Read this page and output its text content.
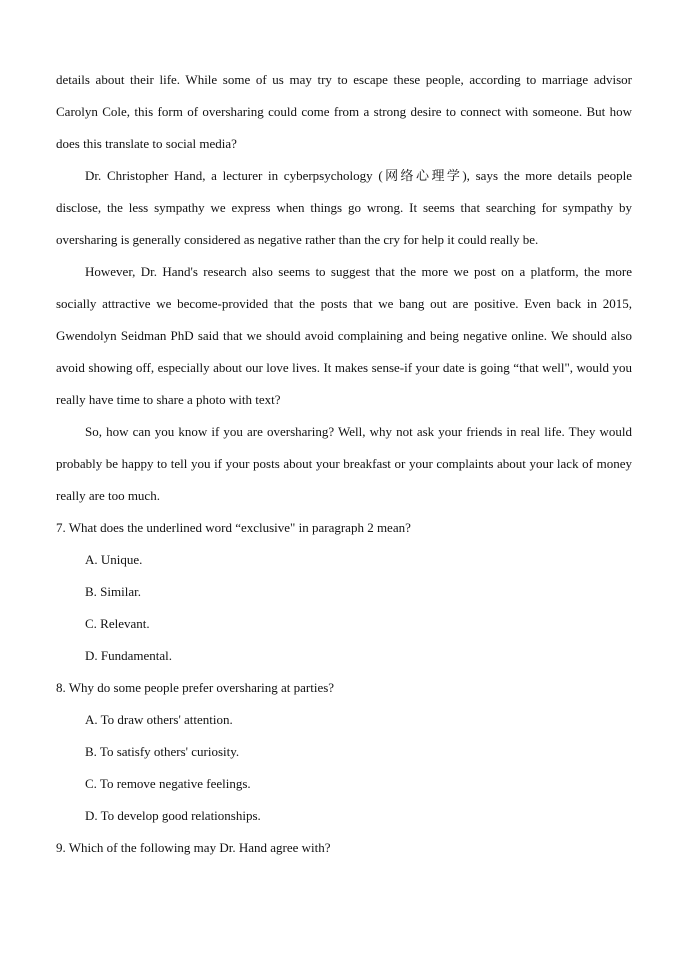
details about their life. While some of us may try to escape these people, according to marriage advisor Carolyn Cole, this form of oversharing could come from a strong desire to connect with someone. But how does this translate to social media?

Dr. Christopher Hand, a lecturer in cyberpsychology (网络心理学), says the more details people disclose, the less sympathy we express when things go wrong. It seems that searching for sympathy by oversharing is generally considered as negative rather than the cry for help it could really be.

However, Dr. Hand's research also seems to suggest that the more we post on a platform, the more socially attractive we become-provided that the posts that we bang out are positive. Even back in 2015, Gwendolyn Seidman PhD said that we should avoid complaining and being negative online. We should also avoid showing off, especially about our love lives. It makes sense-if your date is going “that well", would you really have time to share a photo with text?

So, how can you know if you are oversharing? Well, why not ask your friends in real life. They would probably be happy to tell you if your posts about your breakfast or your complaints about your lack of money really are too much.

7. What does the underlined word “exclusive" in paragraph 2 mean?

A. Unique.
B. Similar.
C. Relevant.
D. Fundamental.

8. Why do some people prefer oversharing at parties?

A. To draw others' attention.
B. To satisfy others' curiosity.
C. To remove negative feelings.
D. To develop good relationships.

9. Which of the following may Dr. Hand agree with?
